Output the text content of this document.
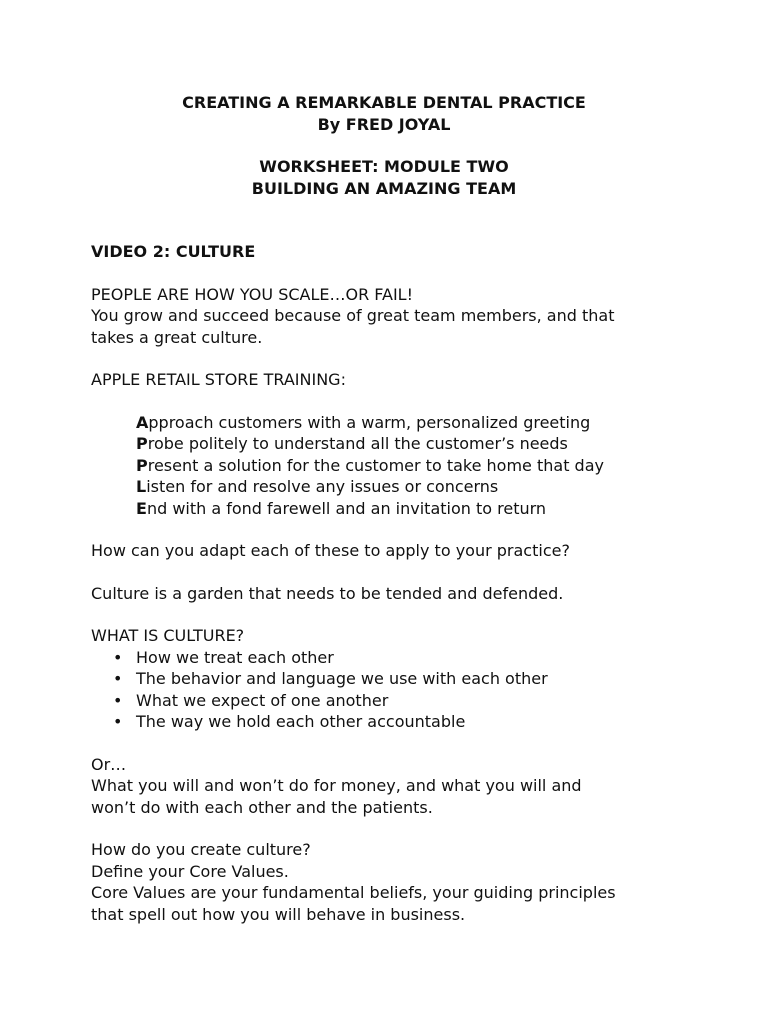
CREATING A REMARKABLE DENTAL PRACTICE

By FRED JOYAL

WORKSHEET: MODULE TWO

BUILDING AN AMAZING TEAM

VIDEO 2: CULTURE

PEOPLE ARE HOW YOU SCALE…OR FAIL!

You grow and succeed because of great team members, and that

takes a great culture.

APPLE RETAIL STORE TRAINING:

Approach customers with a warm, personalized greeting

Probe politely to understand all the customer’s needs

Present a solution for the customer to take home that day

Listen for and resolve any issues or concerns

End with a fond farewell and an invitation to return

How can you adapt each of these to apply to your practice?

Culture is a garden that needs to be tended and defended.

WHAT IS CULTURE?

• How we treat each other
• The behavior and language we use with each other
• What we expect of one another
• The way we hold each other accountable

Or…

What you will and won’t do for money, and what you will and

won’t do with each other and the patients.

How do you create culture?

Define your Core Values.

Core Values are your fundamental beliefs, your guiding principles

that spell out how you will behave in business.
